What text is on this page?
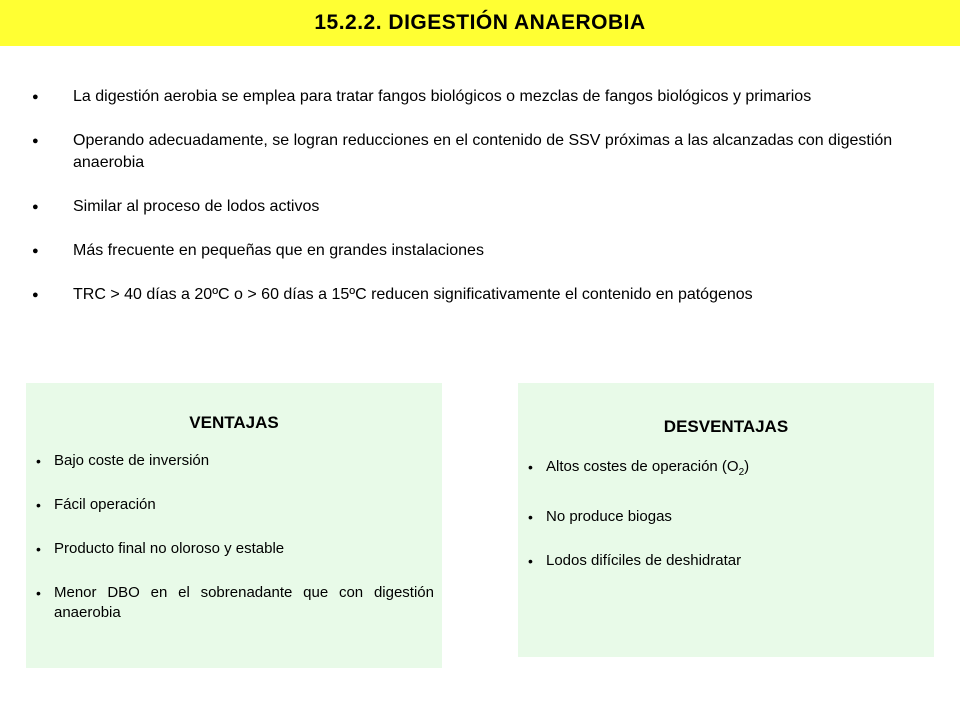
15.2.2. DIGESTIÓN ANAEROBIA
●	La digestión aerobia se emplea para tratar fangos biológicos o mezclas de fangos biológicos y primarios
●	Operando adecuadamente, se logran reducciones en el contenido de SSV próximas a las alcanzadas con digestión anaerobia
●	Similar al proceso de lodos activos
●	Más frecuente en pequeñas que en grandes instalaciones
●	TRC > 40 días a 20ºC o > 60 días a 15ºC reducen significativamente el contenido en patógenos
VENTAJAS
• Bajo coste de inversión
• Fácil operación
• Producto final no oloroso y estable
• Menor DBO en el sobrenadante que con digestión anaerobia
DESVENTAJAS
• Altos costes de operación $(O_2)$
• No produce biogas
• Lodos difíciles de deshidratar
